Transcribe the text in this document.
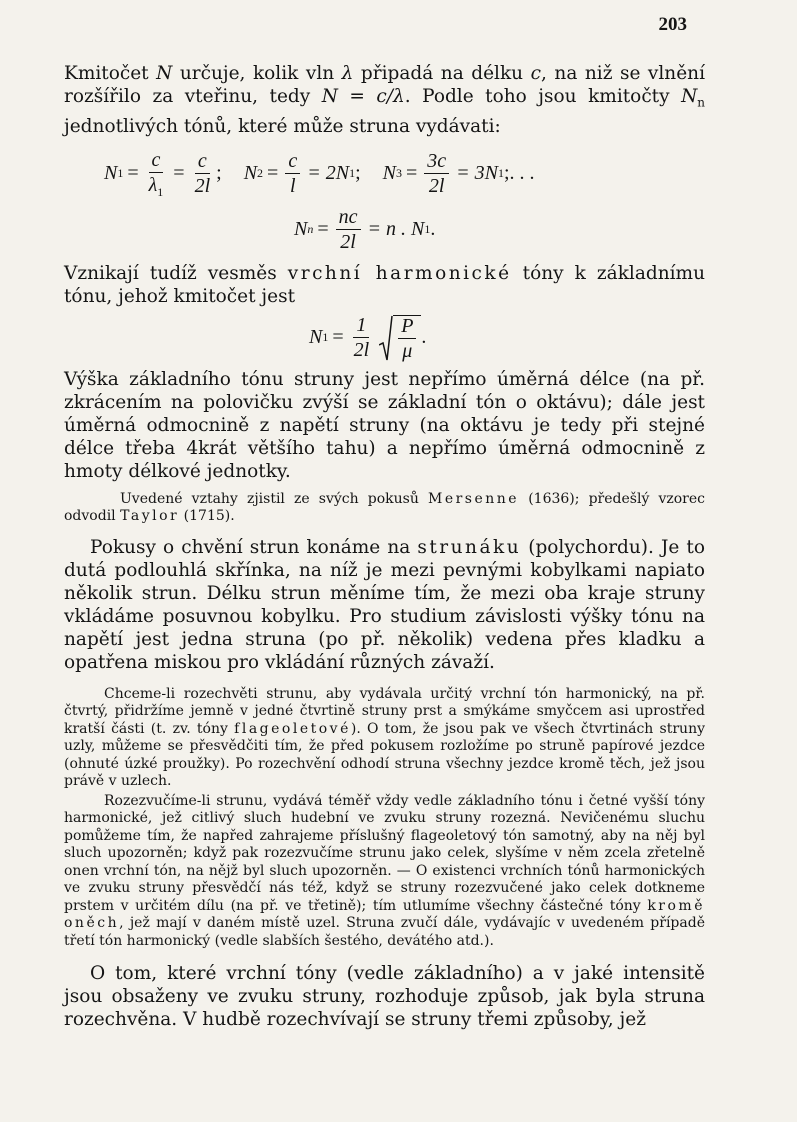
203

Kmitočet N určuje, kolik vln λ připadá na délku c, na niž se vlnění rozšířilo za vteřinu, tedy N = c/λ. Podle toho jsou kmitočty $N_n$ jednotlivých tónů, které může struna vydávati:

N $1 = \frac{c}{\lambda_1} = \frac{c}{2l}$ ; N $2 = \frac{c}{l} = 2N$ 1 ; N $3 = \frac{3c}{2l} = 3N$ 1 ;. . .
N $n = \frac{nc}{2l} = n$ . N 1 .

Vznikají tudíž vesměs vrchní harmonické tóny k základnímu tónu, jehož kmitočet jest

N $1 = \frac{1}{2l} \frac{P}{\mu}$ .

Výška základního tónu struny jest nepřímo úměrná délce (na př. zkrácením na polovičku zvýší se základní tón o oktávu); dále jest úměrná odmocnině z napětí struny (na oktávu je tedy při stejné délce třeba 4krát většího tahu) a nepřímo úměrná odmocnině z hmoty délkové jednotky.

Uvedené vztahy zjistil ze svých pokusů Mersenne (1636); předešlý vzorec odvodil Taylor (1715).

Pokusy o chvění strun konáme na strunáku (polychordu). Je to dutá podlouhlá skřínka, na níž je mezi pevnými kobylkami napiato několik strun. Délku strun měníme tím, že mezi oba kraje struny vkládáme posuvnou kobylku. Pro studium závislosti výšky tónu na napětí jest jedna struna (po př. několik) vedena přes kladku a opatřena miskou pro vkládání různých závaží.

Chceme-li rozechvěti strunu, aby vydávala určitý vrchní tón harmonický, na př. čtvrtý, přidržíme jemně v jedné čtvrtině struny prst a smýkáme smyčcem asi uprostřed kratší části (t. zv. tóny flageoletové). O tom, že jsou pak ve všech čtvrtinách struny uzly, můžeme se přesvědčiti tím, že před pokusem rozložíme po struně papírové jezdce (ohnuté úzké proužky). Po rozechvění odhodí struna všechny jezdce kromě těch, jež jsou právě v uzlech.

Rozezvučíme-li strunu, vydává téměř vždy vedle základního tónu i četné vyšší tóny harmonické, jež citlivý sluch hudební ve zvuku struny rozezná. Nevičenému sluchu pomůžeme tím, že napřed zahrajeme příslušný flageoletový tón samotný, aby na něj byl sluch upozorněn; když pak rozezvučíme strunu jako celek, slyšíme v něm zcela zřetelně onen vrchní tón, na nějž byl sluch upozorněn. — O existenci vrchních tónů harmonických ve zvuku struny přesvědčí nás též, když se struny rozezvučené jako celek dotkneme prstem v určitém dílu (na př. ve třetině); tím utlumíme všechny částečné tóny kromě oněch, jež mají v daném místě uzel. Struna zvučí dále, vydávajíc v uvedeném případě třetí tón harmonický (vedle slabších šestého, devátého atd.).

O tom, které vrchní tóny (vedle základního) a v jaké intensitě jsou obsaženy ve zvuku struny, rozhoduje způsob, jak byla struna rozechvěna. V hudbě rozechvívají se struny třemi způsoby, jež
